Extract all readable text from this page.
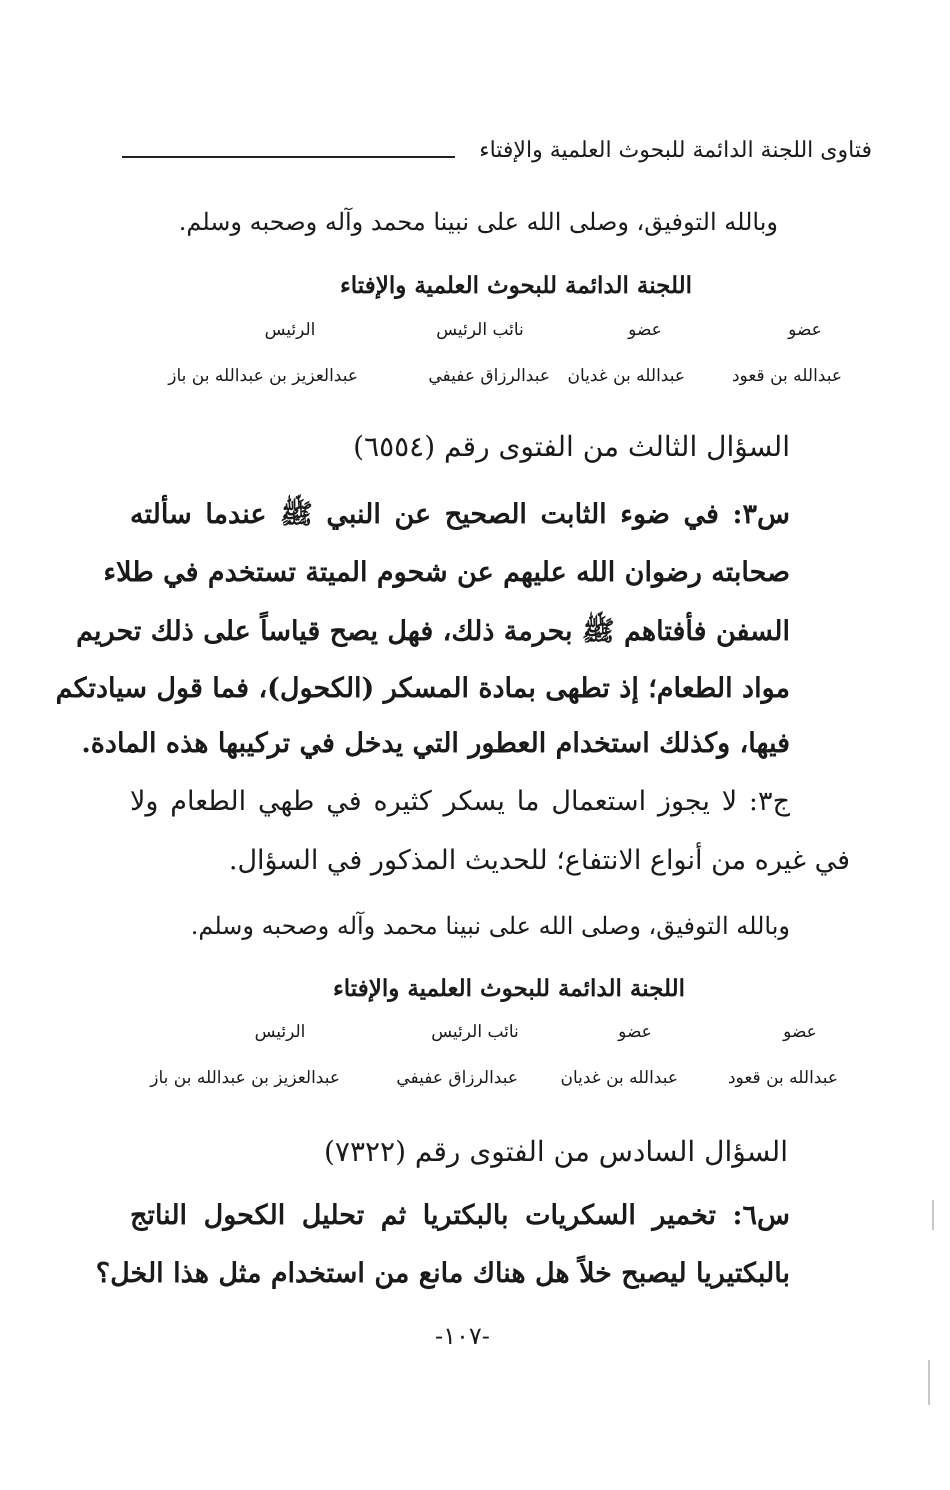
فتاوى اللجنة الدائمة للبحوث العلمية والإفتاء
وبالله التوفيق، وصلى الله على نبينا محمد وآله وصحبه وسلم.
اللجنة الدائمة للبحوث العلمية والإفتاء
عضو
عضو
نائب الرئيس
الرئيس
عبدالله بن قعود
عبدالله بن غديان
عبدالرزاق عفيفي
عبدالعزيز بن عبدالله بن باز
السؤال الثالث من الفتوى رقم (٦٥٥٤)
س٣: في ضوء الثابت الصحيح عن النبي ﷺ عندما سألته
صحابته رضوان الله عليهم عن شحوم الميتة تستخدم في طلاء
السفن فأفتاهم ﷺ بحرمة ذلك، فهل يصح قياساً على ذلك تحريم
مواد الطعام؛ إذ تطهى بمادة المسكر (الكحول)، فما قول سيادتكم
فيها، وكذلك استخدام العطور التي يدخل في تركيبها هذه المادة.
ج٣: لا يجوز استعمال ما يسكر كثيره في طهي الطعام ولا
في غيره من أنواع الانتفاع؛ للحديث المذكور في السؤال.
وبالله التوفيق، وصلى الله على نبينا محمد وآله وصحبه وسلم.
اللجنة الدائمة للبحوث العلمية والإفتاء
عضو
عضو
نائب الرئيس
الرئيس
عبدالله بن قعود
عبدالله بن غديان
عبدالرزاق عفيفي
عبدالعزيز بن عبدالله بن باز
السؤال السادس من الفتوى رقم (٧٣٢٢)
س٦: تخمير السكريات بالبكتريا ثم تحليل الكحول الناتج
بالبكتيريا ليصبح خلاً هل هناك مانع من استخدام مثل هذا الخل؟
-١٠٧-
